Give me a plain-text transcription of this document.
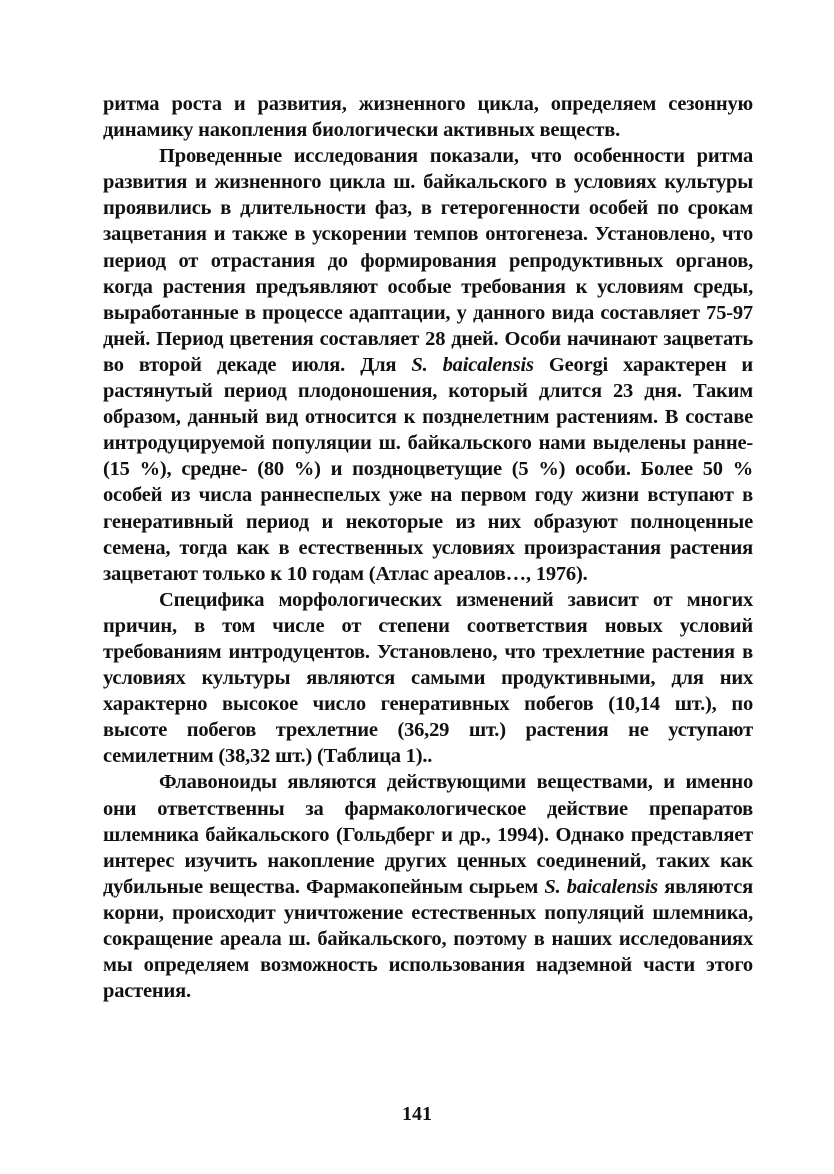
ритма роста и развития, жизненного цикла, определяем сезонную динамику накопления биологически активных веществ.

Проведенные исследования показали, что особенности ритма развития и жизненного цикла ш. байкальского в условиях культуры проявились в длительности фаз, в гетерогенности особей по срокам зацветания и также в ускорении темпов онтогенеза. Установлено, что период от отрастания до формирования репродуктивных органов, когда растения предъявляют особые требования к условиям среды, выработанные в процессе адаптации, у данного вида составляет 75-97 дней. Период цветения составляет 28 дней. Особи начинают зацветать во второй декаде июля. Для S. baicalensis Georgi характерен и растянутый период плодоношения, который длится 23 дня. Таким образом, данный вид относится к позднелетним растениям. В составе интродуцируемой популяции ш. байкальского нами выделены ранне- (15 %), средне- (80 %) и поздноцветущие (5 %) особи. Более 50 % особей из числа раннеспелых уже на первом году жизни вступают в генеративный период и некоторые из них образуют полноценные семена, тогда как в естественных условиях произрастания растения зацветают только к 10 годам (Атлас ареалов…, 1976).

Специфика морфологических изменений зависит от многих причин, в том числе от степени соответствия новых условий требованиям интродуцентов. Установлено, что трехлетние растения в условиях культуры являются самыми продуктивными, для них характерно высокое число генеративных побегов (10,14 шт.), по высоте побегов трехлетние (36,29 шт.) растения не уступают семилетним (38,32 шт.) (Таблица 1)..

Флавоноиды являются действующими веществами, и именно они ответственны за фармакологическое действие препаратов шлемника байкальского (Гольдберг и др., 1994). Однако представляет интерес изучить накопление других ценных соединений, таких как дубильные вещества. Фармакопейным сырьем S. baicalensis являются корни, происходит уничтожение естественных популяций шлемника, сокращение ареала ш. байкальского, поэтому в наших исследованиях мы определяем возможность использования надземной части этого растения.

141
